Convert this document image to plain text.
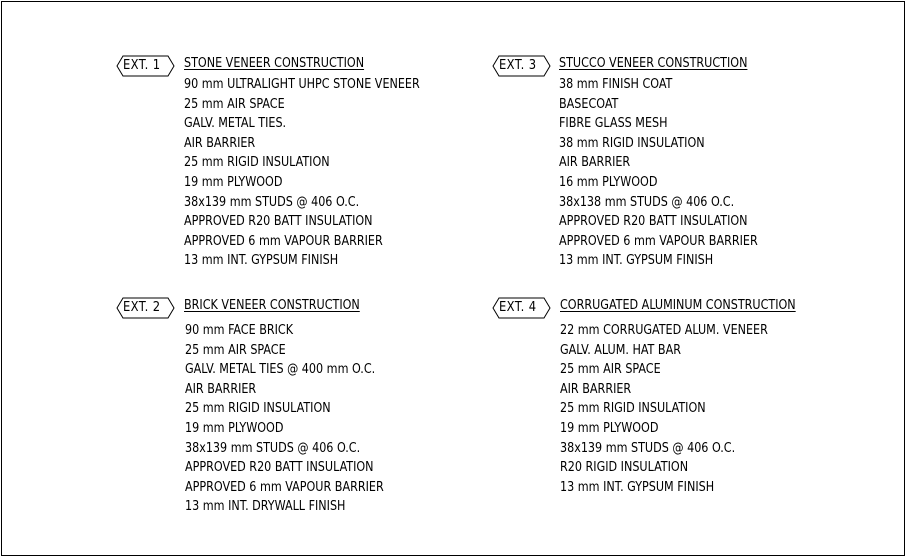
EXT. 1 STONE VENEER CONSTRUCTION
90 mm ULTRALIGHT UHPC STONE VENEER
25 mm AIR SPACE
GALV. METAL TIES.
AIR BARRIER
25 mm RIGID INSULATION
19 mm PLYWOOD
38x139 mm STUDS @ 406 O.C.
APPROVED R20 BATT INSULATION
APPROVED 6 mm VAPOUR BARRIER
13 mm INT. GYPSUM FINISH
EXT. 2 BRICK VENEER CONSTRUCTION
90 mm FACE BRICK
25 mm AIR SPACE
GALV. METAL TIES @ 400 mm O.C.
AIR BARRIER
25 mm RIGID INSULATION
19 mm PLYWOOD
38x139 mm STUDS @ 406 O.C.
APPROVED R20 BATT INSULATION
APPROVED 6 mm VAPOUR BARRIER
13 mm INT. DRYWALL FINISH
EXT. 3 STUCCO VENEER CONSTRUCTION
38 mm FINISH COAT
BASECOAT
FIBRE GLASS MESH
38 mm RIGID INSULATION
AIR BARRIER
16 mm PLYWOOD
38x138 mm STUDS @ 406 O.C.
APPROVED R20 BATT INSULATION
APPROVED 6 mm VAPOUR BARRIER
13 mm INT. GYPSUM FINISH
EXT. 4 CORRUGATED ALUMINUM CONSTRUCTION
22 mm CORRUGATED ALUM. VENEER
GALV. ALUM. HAT BAR
25 mm AIR SPACE
AIR BARRIER
25 mm RIGID INSULATION
19 mm PLYWOOD
38x139 mm STUDS @ 406 O.C.
R20 RIGID INSULATION
13 mm INT. GYPSUM FINISH
